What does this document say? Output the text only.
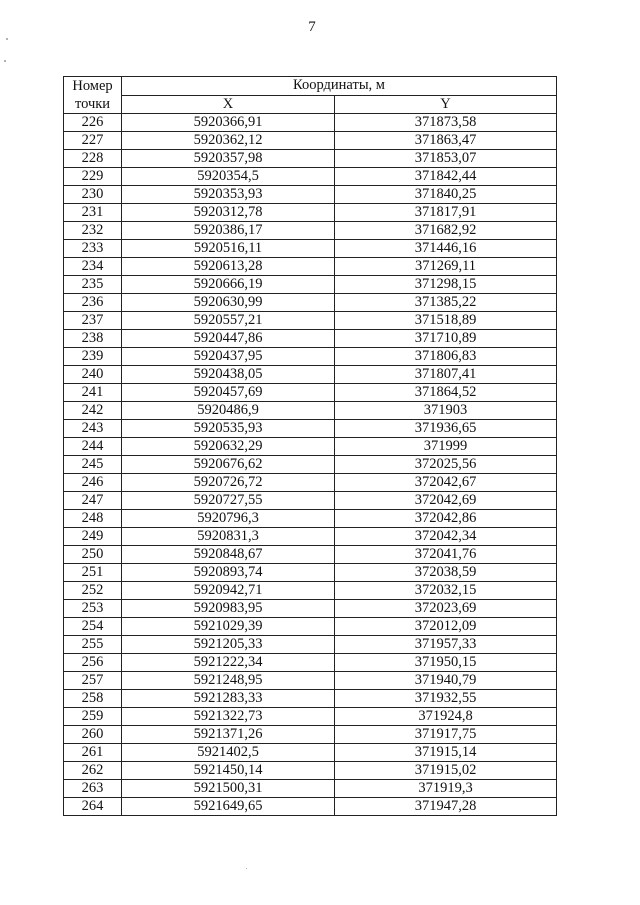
7
Номер
точки	Координаты, м	
	X	Y
226	5920366,91	371873,58
227	5920362,12	371863,47
228	5920357,98	371853,07
229	5920354,5	371842,44
230	5920353,93	371840,25
231	5920312,78	371817,91
232	5920386,17	371682,92
233	5920516,11	371446,16
234	5920613,28	371269,11
235	5920666,19	371298,15
236	5920630,99	371385,22
237	5920557,21	371518,89
238	5920447,86	371710,89
239	5920437,95	371806,83
240	5920438,05	371807,41
241	5920457,69	371864,52
242	5920486,9	371903
243	5920535,93	371936,65
244	5920632,29	371999
245	5920676,62	372025,56
246	5920726,72	372042,67
247	5920727,55	372042,69
248	5920796,3	372042,86
249	5920831,3	372042,34
250	5920848,67	372041,76
251	5920893,74	372038,59
252	5920942,71	372032,15
253	5920983,95	372023,69
254	5921029,39	372012,09
255	5921205,33	371957,33
256	5921222,34	371950,15
257	5921248,95	371940,79
258	5921283,33	371932,55
259	5921322,73	371924,8
260	5921371,26	371917,75
261	5921402,5	371915,14
262	5921450,14	371915,02
263	5921500,31	371919,3
264	5921649,65	371947,28
